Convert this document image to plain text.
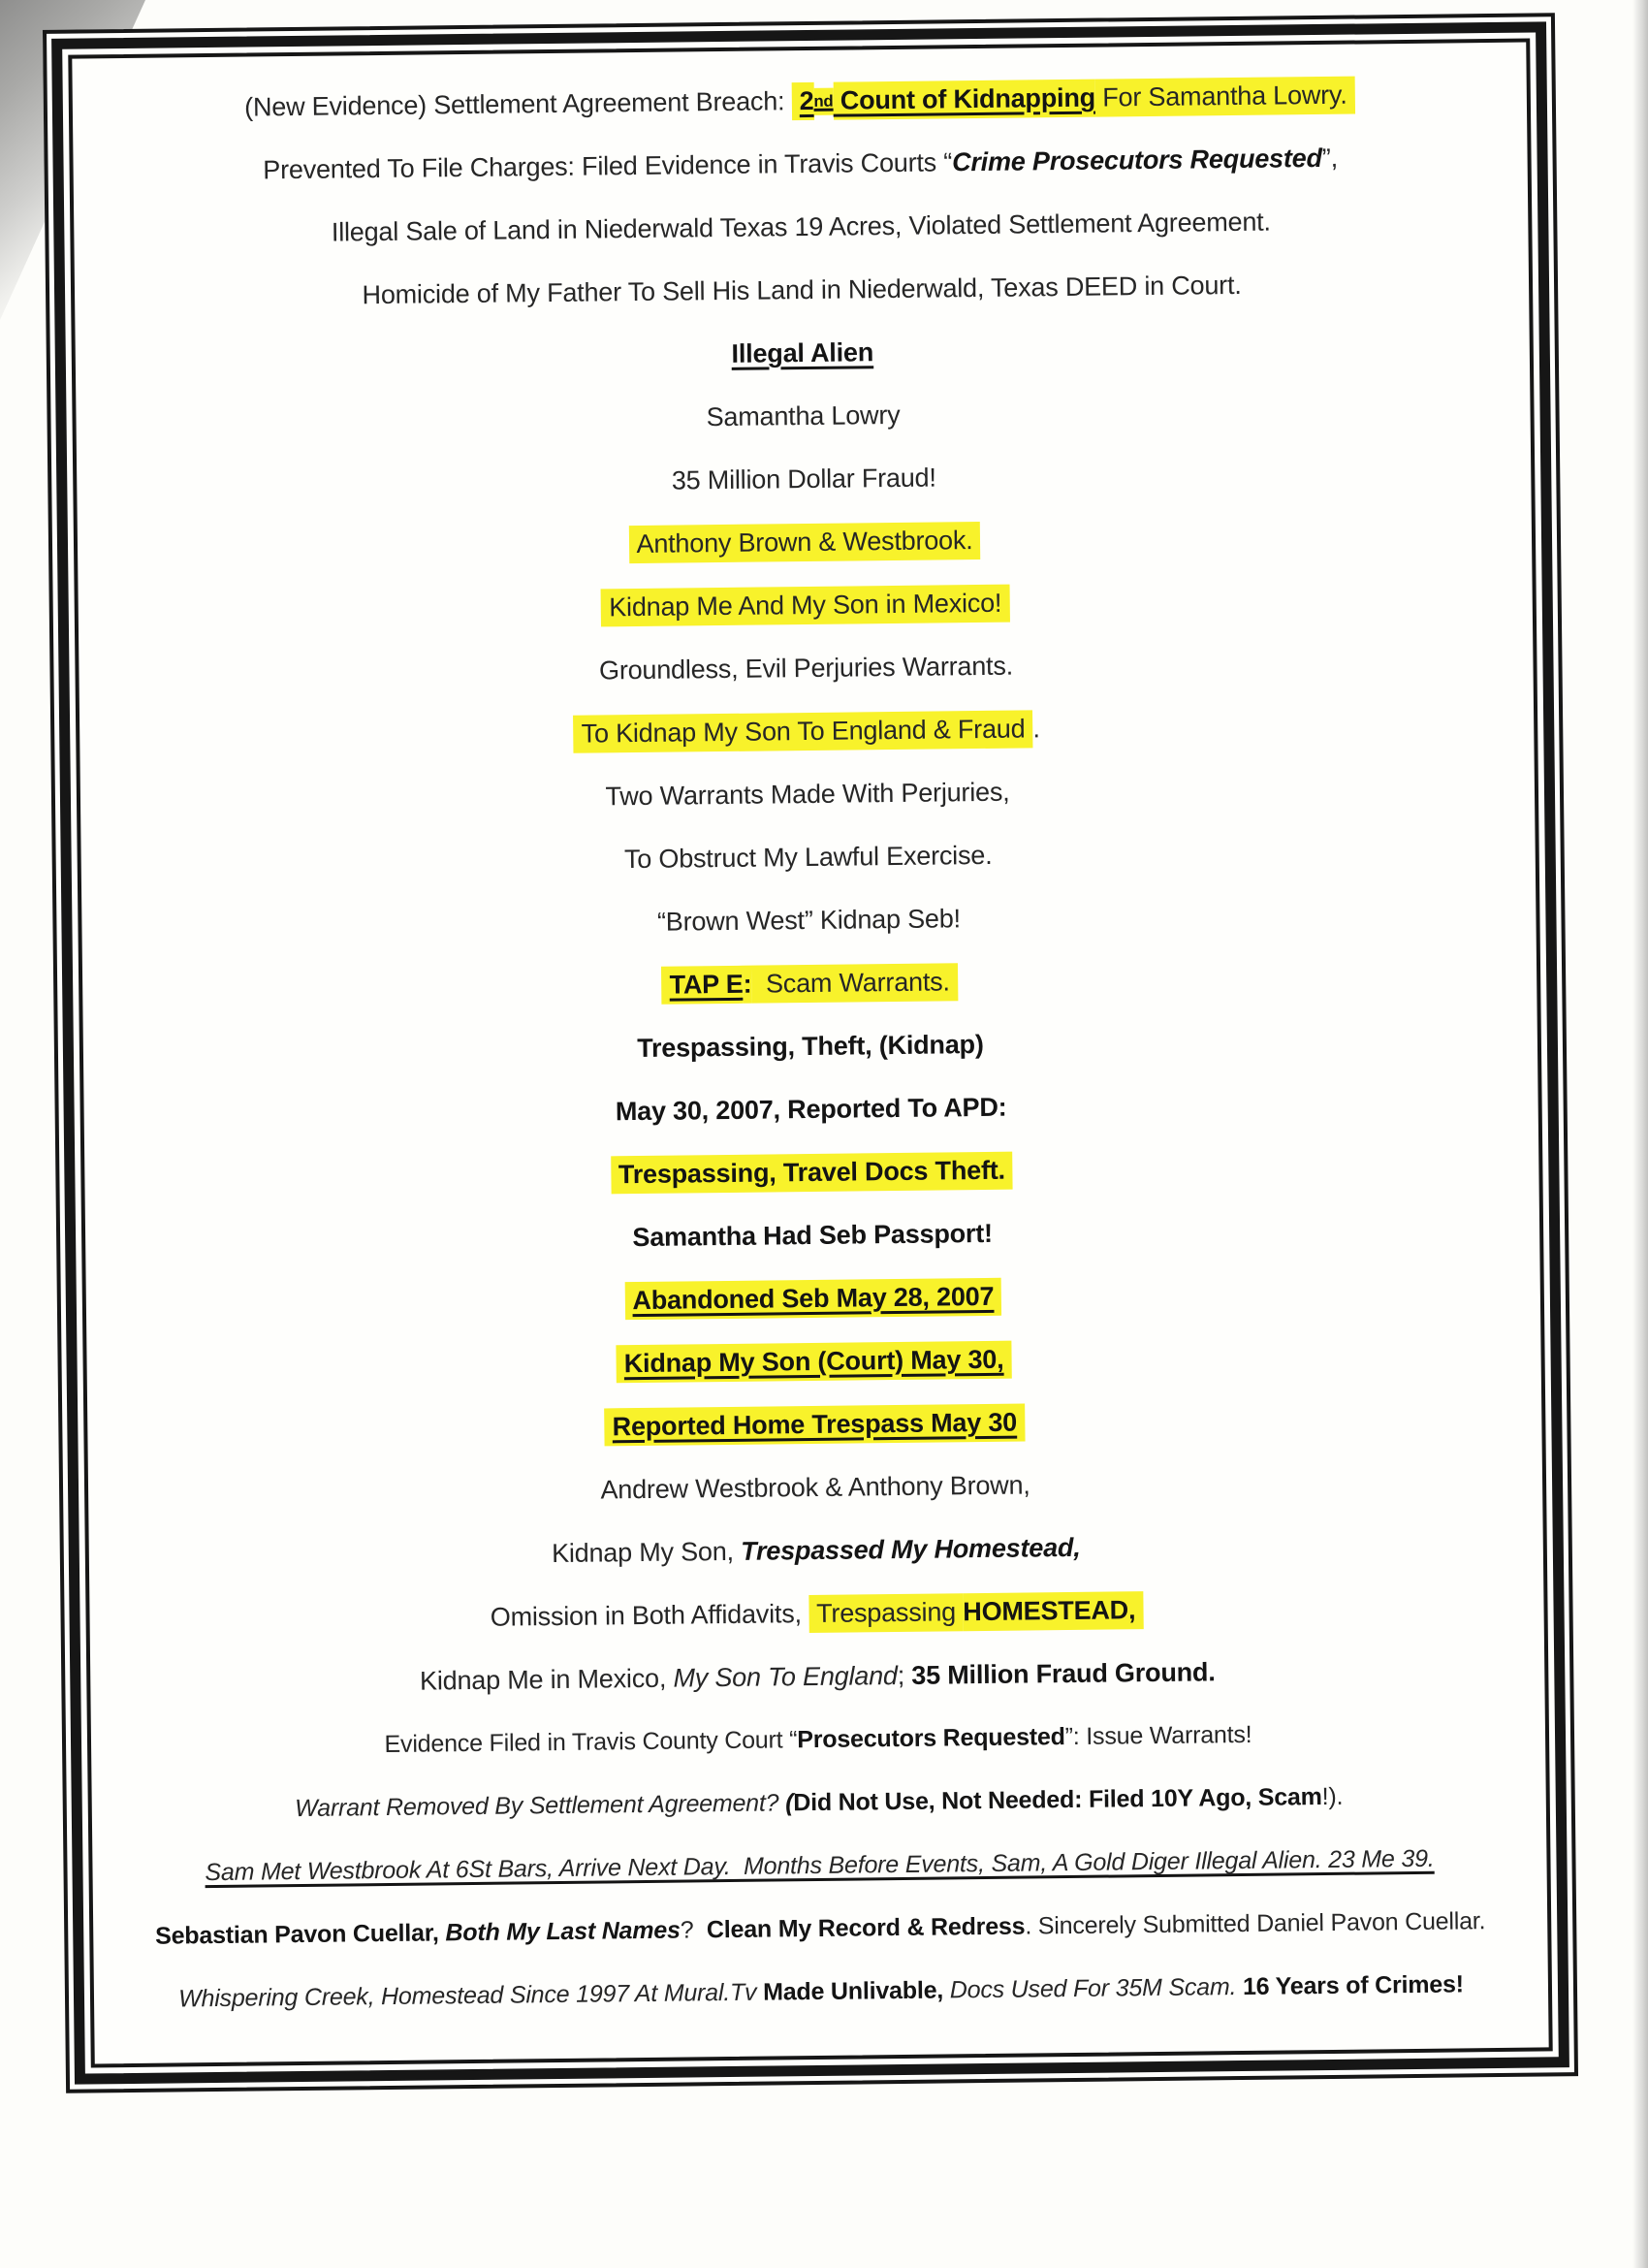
(New Evidence) Settlement Agreement Breach: 2 nd Count of Kidnapping For Samantha Lowry.
Prevented To File Charges: Filed Evidence in Travis Courts “ Crime Prosecutors Requested ”,
Illegal Sale of Land in Niederwald Texas 19 Acres, Violated Settlement Agreement.
Homicide of My Father To Sell His Land in Niederwald, Texas DEED in Court.
Illegal Alien
Samantha Lowry
35 Million Dollar Fraud!
Anthony Brown & Westbrook.
Kidnap Me And My Son in Mexico!
Groundless, Evil Perjuries Warrants.
To Kidnap My Son To England & Fraud .
Two Warrants Made With Perjuries,
To Obstruct My Lawful Exercise.
“Brown West” Kidnap Seb!
TAP E : Scam Warrants.
Trespassing, Theft, (Kidnap)
May 30, 2007, Reported To APD:
Trespassing, Travel Docs Theft.
Samantha Had Seb Passport!
Abandoned Seb May 28, 2007
Kidnap My Son (Court) May 30,
Reported Home Trespass May 30
Andrew Westbrook & Anthony Brown,
Kidnap My Son, Trespassed My Homestead,
Omission in Both Affidavits, Trespassing HOMESTEAD,
Kidnap Me in Mexico, My Son To England ; 35 Million Fraud Ground.
Evidence Filed in Travis County Court “ Prosecutors Requested ”: Issue Warrants!
Warrant Removed By Settlement Agreement? ( Did Not Use, Not Needed: Filed 10Y Ago, Scam !).
Sam Met Westbrook At 6St Bars, Arrive Next Day.  Months Before Events, Sam, A Gold Diger Illegal Alien. 23 Me 39.
Sebastian Pavon Cuellar, Both My Last Names ? Clean My Record & Redress . Sincerely Submitted Daniel Pavon Cuellar.
Whispering Creek, Homestead Since 1997 At Mural.Tv Made Unlivable, Docs Used For 35M Scam. 16 Years of Crimes!
